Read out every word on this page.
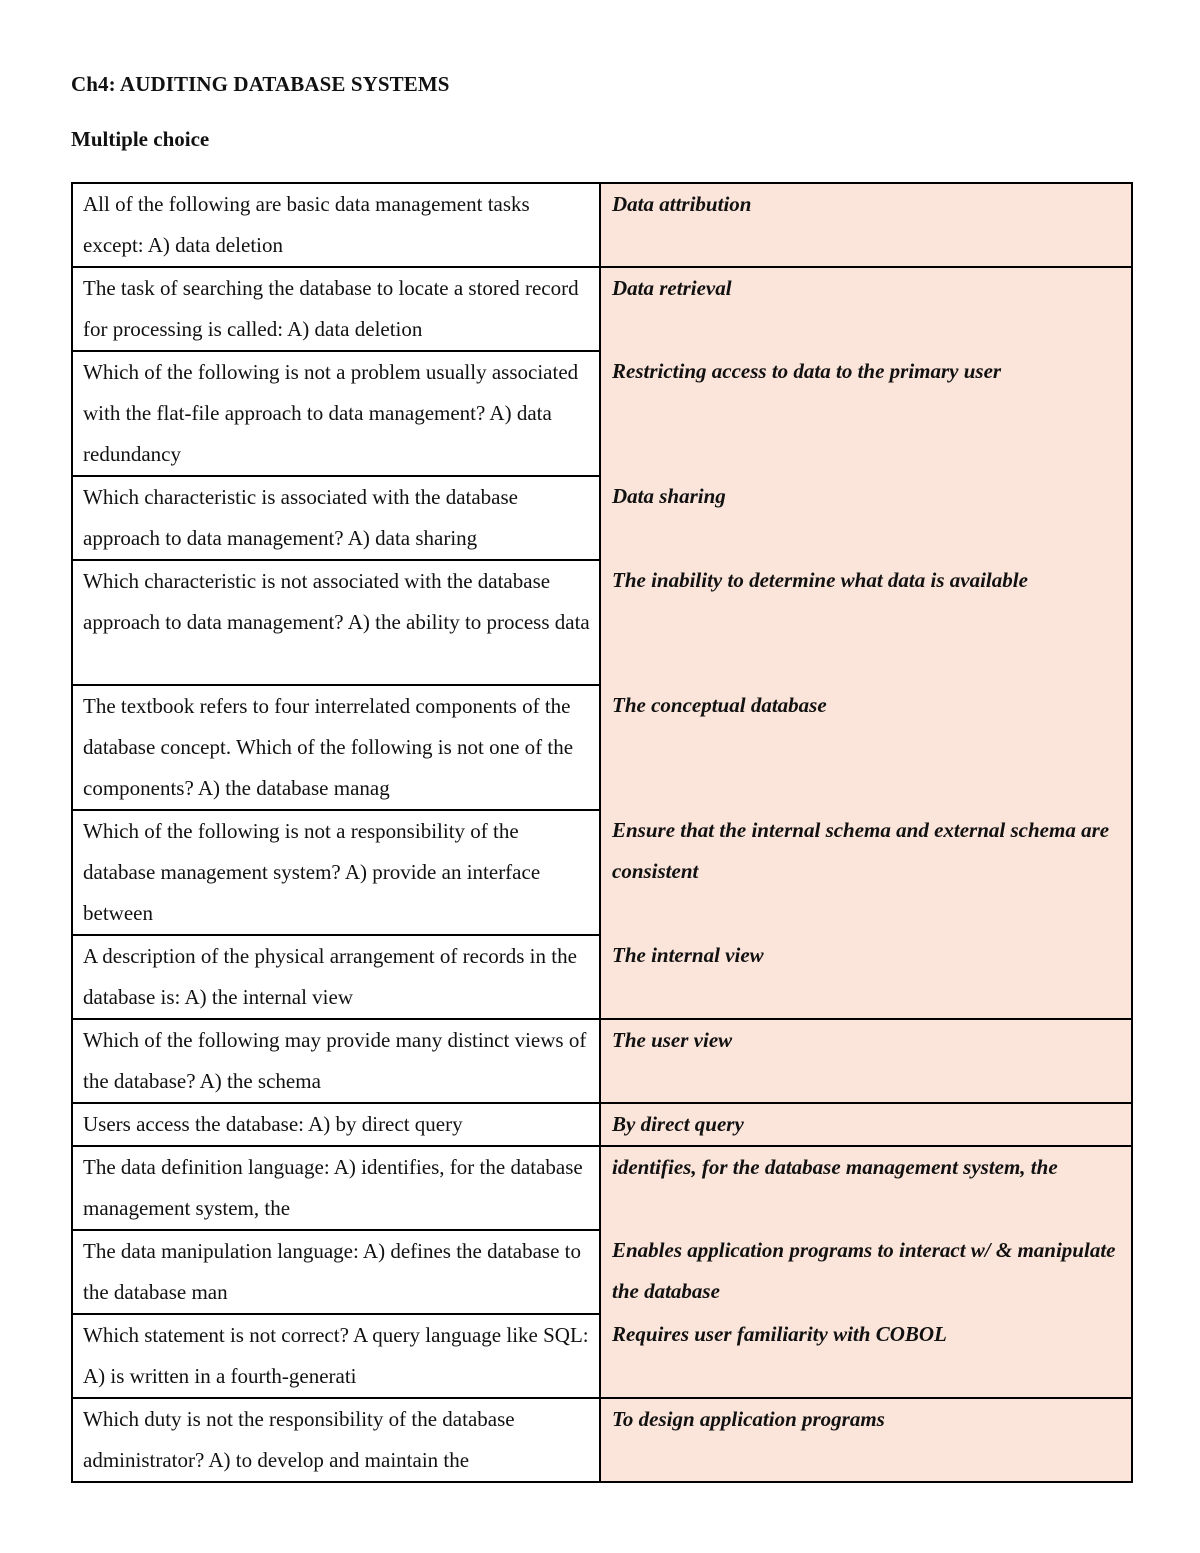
Ch4: AUDITING DATABASE SYSTEMS
Multiple choice
All of the following are basic data management tasks except: A) data deletion	Data attribution
The task of searching the database to locate a stored record for processing is called: A) data deletion	Data retrieval
Which of the following is not a problem usually associated with the flat-file approach to data management? A) data redundancy	Restricting access to data to the primary user
Which characteristic is associated with the database approach to data management? A) data sharing	Data sharing
Which characteristic is not associated with the database approach to data management? A) the ability to process data	The inability to determine what data is available
The textbook refers to four interrelated components of the database concept. Which of the following is not one of the components? A) the database manag	The conceptual database
Which of the following is not a responsibility of the database management system? A) provide an interface between	Ensure that the internal schema and external schema are consistent
A description of the physical arrangement of records in the database is: A) the internal view	The internal view
Which of the following may provide many distinct views of the database? A) the schema	The user view
Users access the database: A) by direct query	By direct query
The data definition language: A) identifies, for the database management system, the	identifies, for the database management system, the
The data manipulation language: A) defines the database to the database man	Enables application programs to interact w/ & manipulate the database
Which statement is not correct? A query language like SQL: A) is written in a fourth-generati	Requires user familiarity with COBOL
Which duty is not the responsibility of the database administrator? A) to develop and maintain the	To design application programs
